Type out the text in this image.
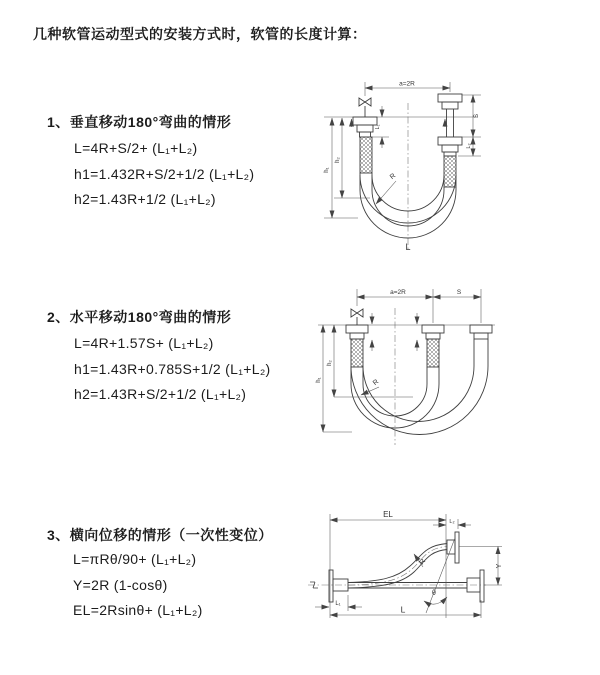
几种软管运动型式的安装方式时，软管的长度计算：
1、垂直移动180°弯曲的情形
L=4R+S/2+ (L₁+L₂)
h1=1.432R+S/2+1/2 (L₁+L₂)
h2=1.43R+1/2 (L₁+L₂)
2、水平移动180°弯曲的情形
L=4R+1.57S+ (L₁+L₂)
h1=1.43R+0.785S+1/2 (L₁+L₂)
h2=1.43R+S/2+1/2 (L₁+L₂)
3、横向位移的情形（一次性变位）
L=πRθ/90+ (L₁+L₂)
Y=2R (1-cosθ)
EL=2Rsinθ+ (L₁+L₂)
a=2R
h₁
h₂
L₁
S
L₂
R
L
a=2R	S
h₁
h₂
R
EL
L₂
L₁
L
Y
R
θ
